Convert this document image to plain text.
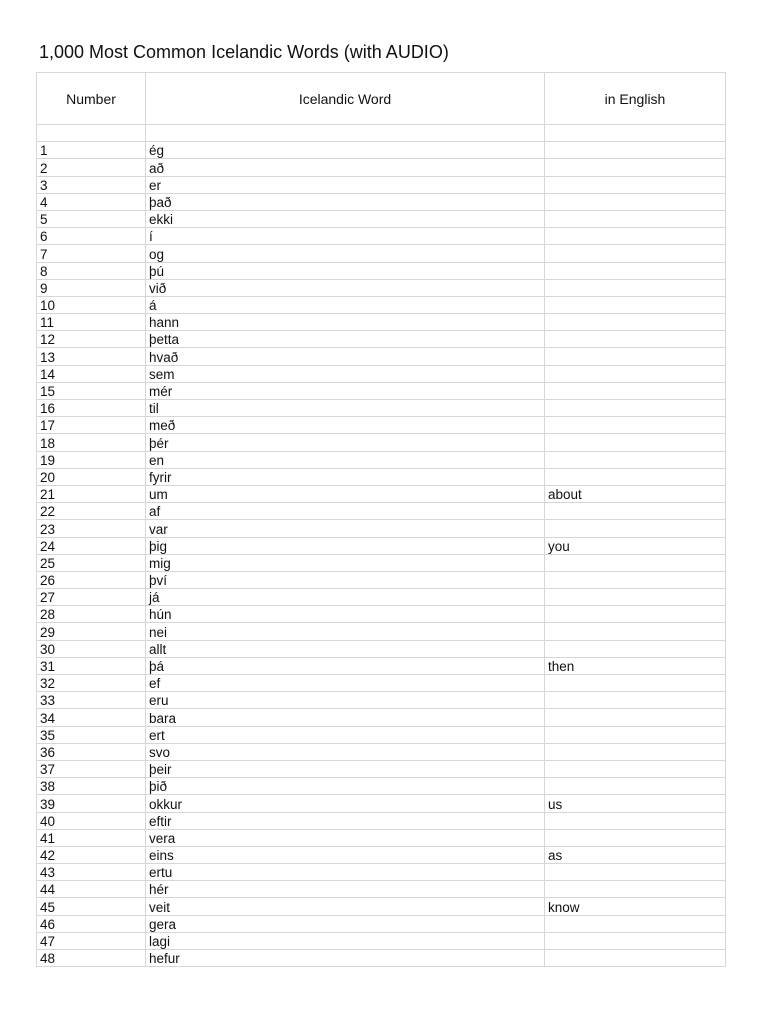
1,000 Most Common Icelandic Words (with AUDIO)
Number	Icelandic Word	in English

1	ég	
2	að	
3	er	
4	það	
5	ekki	
6	í	
7	og	
8	þú	
9	við	
10	á	
11	hann	
12	þetta	
13	hvað	
14	sem	
15	mér	
16	til	
17	með	
18	þér	
19	en	
20	fyrir	
21	um	about
22	af	
23	var	
24	þig	you
25	mig	
26	því	
27	já	
28	hún	
29	nei	
30	allt	
31	þá	then
32	ef	
33	eru	
34	bara	
35	ert	
36	svo	
37	þeir	
38	þið	
39	okkur	us
40	eftir	
41	vera	
42	eins	as
43	ertu	
44	hér	
45	veit	know
46	gera	
47	lagi	
48	hefur	
